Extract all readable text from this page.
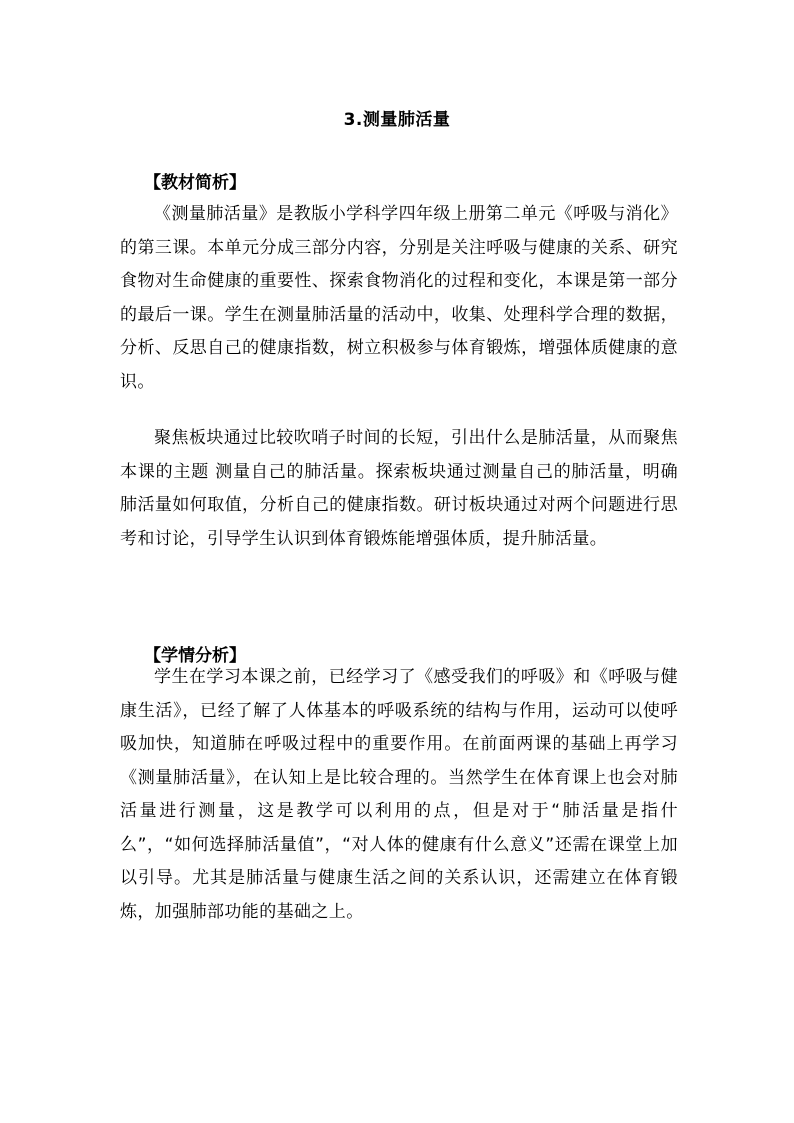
3.测量肺活量
【教材简析】

《测量肺活量》是教版小学科学四年级上册第二单元《呼吸与消化》的第三课。本单元分成三部分内容，分别是关注呼吸与健康的关系、研究食物对生命健康的重要性、探索食物消化的过程和变化，本课是第一部分的最后一课。学生在测量肺活量的活动中，收集、处理科学合理的数据，分析、反思自己的健康指数，树立积极参与体育锻炼，增强体质健康的意识。

聚焦板块通过比较吹哨子时间的长短，引出什么是肺活量，从而聚焦本课的主题 测量自己的肺活量。探索板块通过测量自己的肺活量，明确肺活量如何取值，分析自己的健康指数。研讨板块通过对两个问题进行思考和讨论，引导学生认识到体育锻炼能增强体质，提升肺活量。

【学情分析】

学生在学习本课之前，已经学习了《感受我们的呼吸》和《呼吸与健康生活》，已经了解了人体基本的呼吸系统的结构与作用，运动可以使呼吸加快，知道肺在呼吸过程中的重要作用。在前面两课的基础上再学习《测量肺活量》，在认知上是比较合理的。当然学生在体育课上也会对肺活量进行测量，这是教学可以利用的点，但是对于“肺活量是指什么”，“如何选择肺活量值”，“对人体的健康有什么意义”还需在课堂上加以引导。尤其是肺活量与健康生活之间的关系认识，还需建立在体育锻炼，加强肺部功能的基础之上。
